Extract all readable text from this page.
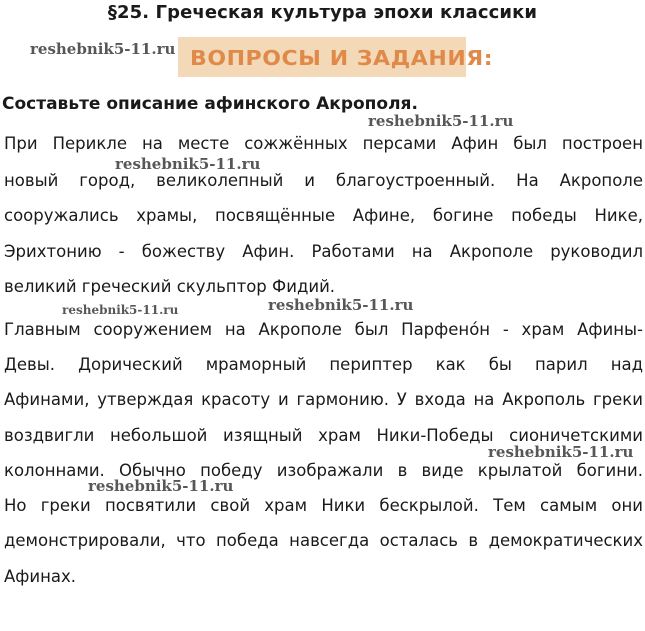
§25. Греческая культура эпохи классики
ВОПРОСЫ И ЗАДАНИЯ:
Составьте описание афинского Акрополя.
При Перикле на месте сожжённых персами Афин был построен
новый город, великолепный и благоустроенный. На Акрополе
сооружались храмы, посвящённые Афине, богине победы Нике,
Эрихтонию - божеству Афин. Работами на Акрополе руководил
великий греческий скульптор Фидий.
Главным сооружением на Акрополе был Парфенóн - храм Афины-
Девы. Дорический мраморный периптер как бы парил над
Афинами, утверждая красоту и гармонию. У входа на Акрополь греки
воздвигли небольшой изящный храм Ники-Победы сионичетскими
колоннами. Обычно победу изображали в виде крылатой богини.
Но греки посвятили свой храм Ники бескрылой. Тем самым они
демонстрировали, что победа навсегда осталась в демократических
Афинах.
reshebnik5-11.ru
reshebnik5-11.ru
reshebnik5-11.ru
reshebnik5-11.ru	reshebnik5-11.ru
reshebnik5-11.ru
reshebnik5-11.ru
